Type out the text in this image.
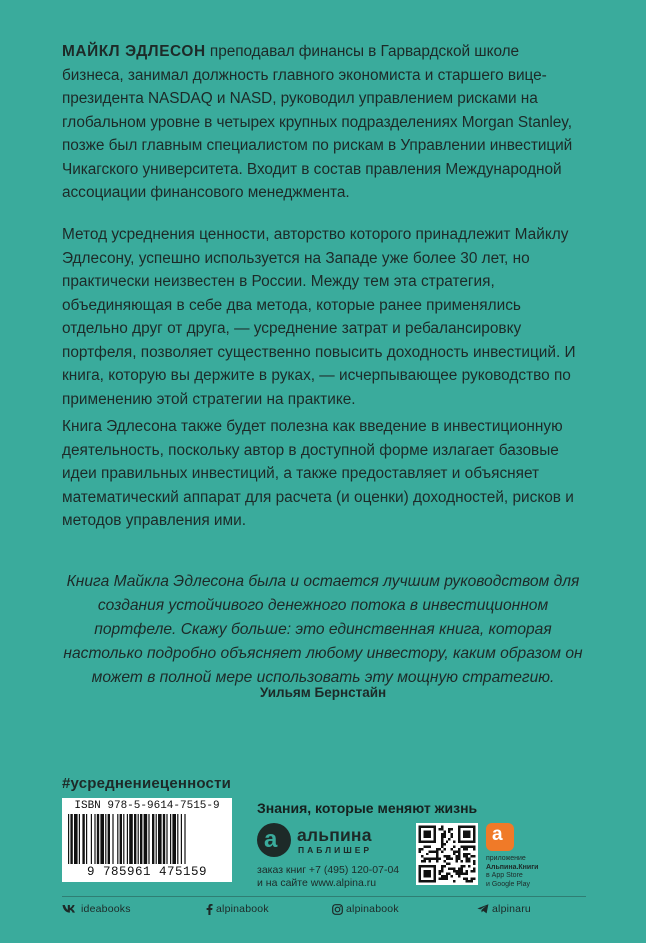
МАЙКЛ ЭДЛЕСОН преподавал финансы в Гарвардской школе бизнеса, занимал должность главного экономиста и старшего вице-президента NASDAQ и NASD, руководил управлением рисками на глобальном уровне в четырех крупных подразделениях Morgan Stanley, позже был главным специалистом по рискам в Управлении инвестиций Чикагского университета. Входит в состав правления Международной ассоциации финансового менеджмента.
Метод усреднения ценности, авторство которого принадлежит Майклу Эдлесону, успешно используется на Западе уже более 30 лет, но практически неизвестен в России. Между тем эта стратегия, объединяющая в себе два метода, которые ранее применялись отдельно друг от друга, — усреднение затрат и ребалансировку портфеля, позволяет существенно повысить доходность инвестиций. И книга, которую вы держите в руках, — исчерпывающее руководство по применению этой стратегии на практике.
Книга Эдлесона также будет полезна как введение в инвестиционную деятельность, поскольку автор в доступной форме излагает базовые идеи правильных инвестиций, а также предоставляет и объясняет математический аппарат для расчета (и оценки) доходностей, рисков и методов управления ими.
Книга Майкла Эдлесона была и остается лучшим руководством для создания устойчивого денежного потока в инвестиционном портфеле. Скажу больше: это единственная книга, которая настолько подробно объясняет любому инвестору, каким образом он может в полной мере использовать эту мощную стратегию.
Уильям Бернстайн
#усреднениеценности
ISBN 978-5-9614-7515-9
9 785961 475159
Знания, которые меняют жизнь
а альпина
ПАБЛИШЕР
заказ книг +7 (495) 120-07-04
и на сайте www.alpina.ru
а
приложение
Альпина.Книги
в App Store
и Google Play
ideabooks	alpinabook	alpinabook	alpinaru
